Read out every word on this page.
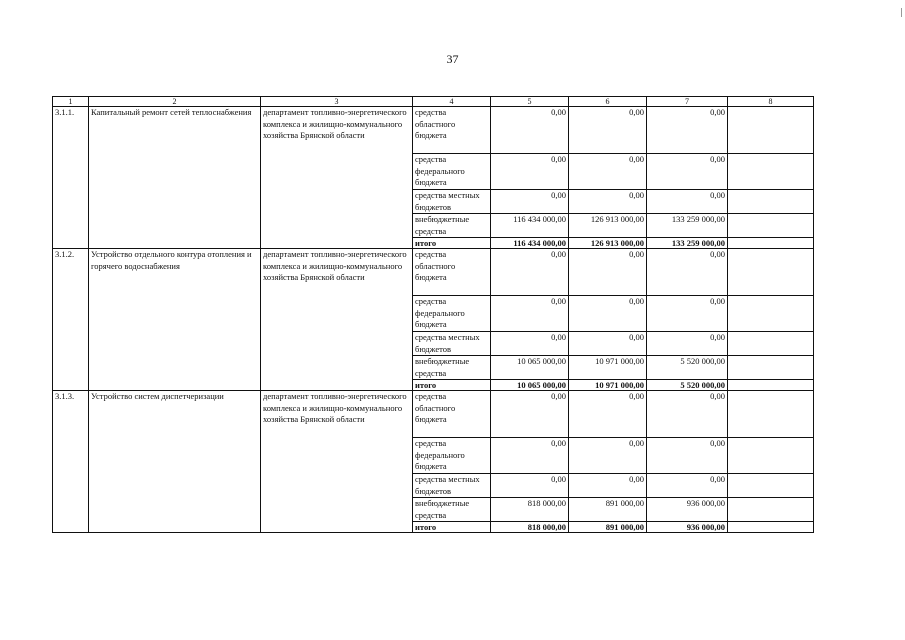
37
1	2	3	4	5	6	7	8
3.1.1.	Капитальный ремонт сетей теплоснабжения	департамент топливно-энергетического комплекса и жилищно-коммунального хозяйства Брянской области	средства областного бюджета	0,00	0,00	0,00	
			средства федерального бюджета	0,00	0,00	0,00	
			средства местных бюджетов	0,00	0,00	0,00	
			внебюджетные средства	116 434 000,00	126 913 000,00	133 259 000,00	
			итого	116 434 000,00	126 913 000,00	133 259 000,00	
3.1.2.	Устройство отдельного контура отопления и горячего водоснабжения	департамент топливно-энергетического комплекса и жилищно-коммунального хозяйства Брянской области	средства областного бюджета	0,00	0,00	0,00	
			средства федерального бюджета	0,00	0,00	0,00	
			средства местных бюджетов	0,00	0,00	0,00	
			внебюджетные средства	10 065 000,00	10 971 000,00	5 520 000,00	
			итого	10 065 000,00	10 971 000,00	5 520 000,00	
3.1.3.	Устройство систем диспетчеризации	департамент топливно-энергетического комплекса и жилищно-коммунального хозяйства Брянской области	средства областного бюджета	0,00	0,00	0,00	
			средства федерального бюджета	0,00	0,00	0,00	
			средства местных бюджетов	0,00	0,00	0,00	
			внебюджетные средства	818 000,00	891 000,00	936 000,00	
			итого	818 000,00	891 000,00	936 000,00	
